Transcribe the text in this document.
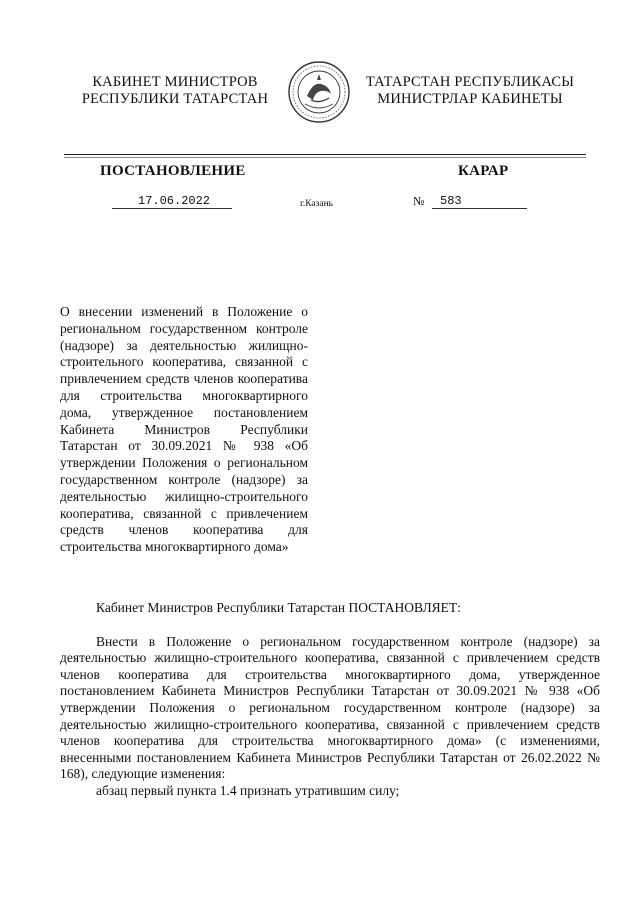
КАБИНЕТ МИНИСТРОВ
РЕСПУБЛИКИ ТАТАРСТАН
ТАТАРСТАН РЕСПУБЛИКАСЫ
МИНИСТРЛАР КАБИНЕТЫ
ПОСТАНОВЛЕНИЕ	КАРАР
17.06.2022	г.Казань	№	583
О внесении изменений в Положение о региональном государственном контроле (надзоре) за деятельностью жилищно-строительного кооператива, связанной с привлечением средств членов кооператива для строительства многоквартирного дома, утвержденное постановлением Кабинета Министров Республики Татарстан от 30.09.2021 № 938 «Об утверждении Положения о региональном государственном контроле (надзоре) за деятельностью жилищно-строительного кооператива, связанной с привлечением средств членов кооператива для строительства многоквартирного дома»

Кабинет Министров Республики Татарстан ПОСТАНОВЛЯЕТ:

Внести в Положение о региональном государственном контроле (надзоре) за деятельностью жилищно-строительного кооператива, связанной с привлечением средств членов кооператива для строительства многоквартирного дома, утвержденное постановлением Кабинета Министров Республики Татарстан от 30.09.2021 № 938 «Об утверждении Положения о региональном государственном контроле (надзоре) за деятельностью жилищно-строительного кооператива, связанной с привлечением средств членов кооператива для строительства многоквартирного дома» (с изменениями, внесенными постановлением Кабинета Министров Республики Татарстан от 26.02.2022 № 168), следующие изменения:

абзац первый пункта 1.4 признать утратившим силу;
